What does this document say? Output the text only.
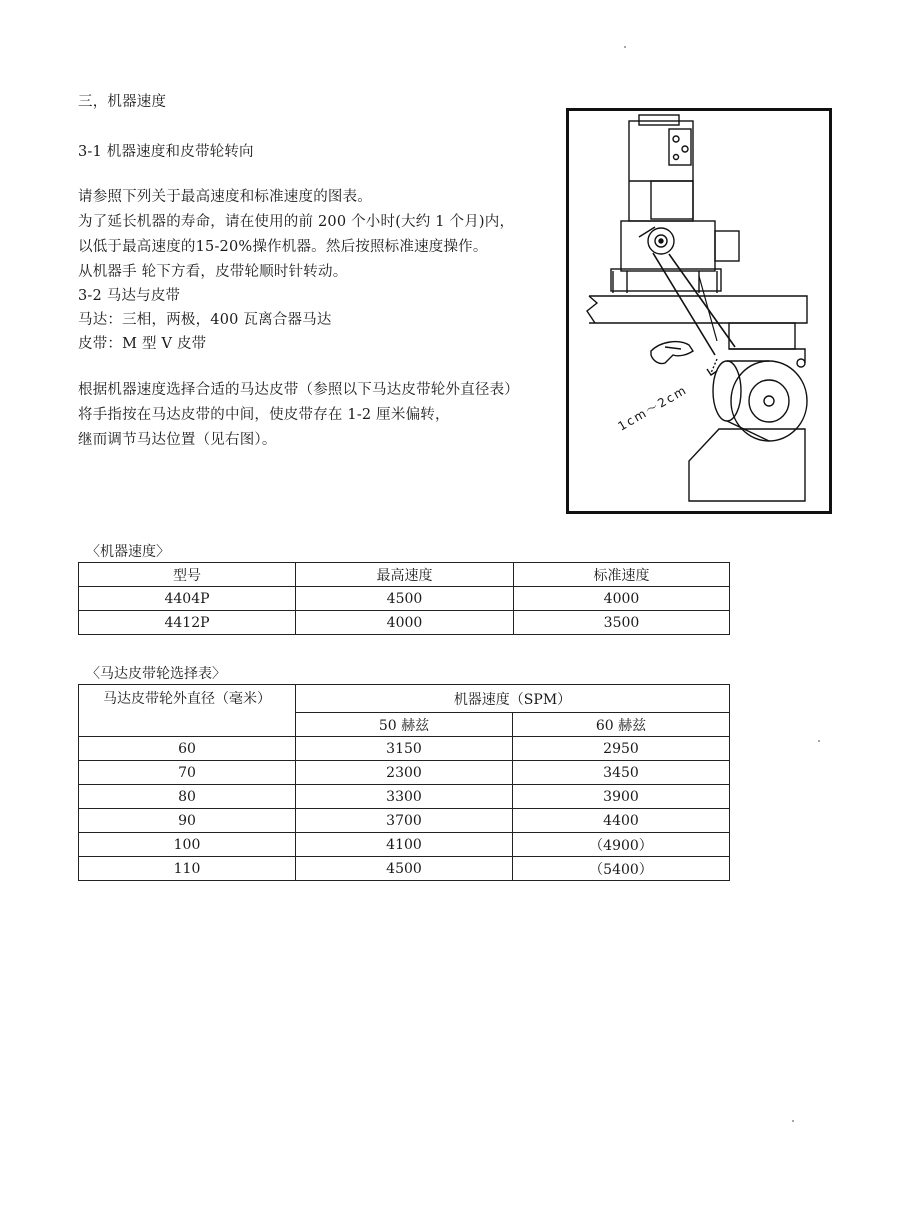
三，机器速度
3-1 机器速度和皮带轮转向
请参照下列关于最高速度和标准速度的图表。
为了延长机器的寿命，请在使用的前 200 个小时(大约 1 个月)内，
以低于最高速度的15-20%操作机器。然后按照标准速度操作。
从机器手 轮下方看，皮带轮顺时针转动。
3-2 马达与皮带
马达：三相，两极，400 瓦离合器马达
皮带：M 型 V 皮带
根据机器速度选择合适的马达皮带（参照以下马达皮带轮外直径表）
将手指按在马达皮带的中间，使皮带存在 1-2 厘米偏转，
继而调节马达位置（见右图）。
1cm～2cm
〈机器速度〉
型号	最高速度	标准速度
4404P	4500	4000
4412P	4000	3500
〈马达皮带轮选择表〉
马达皮带轮外直径（毫米）	机器速度（SPM）	
	50 赫兹	60 赫兹
60	3150	2950
70	2300	3450
80	3300	3900
90	3700	4400
100	4100	（4900）
110	4500	（5400）
